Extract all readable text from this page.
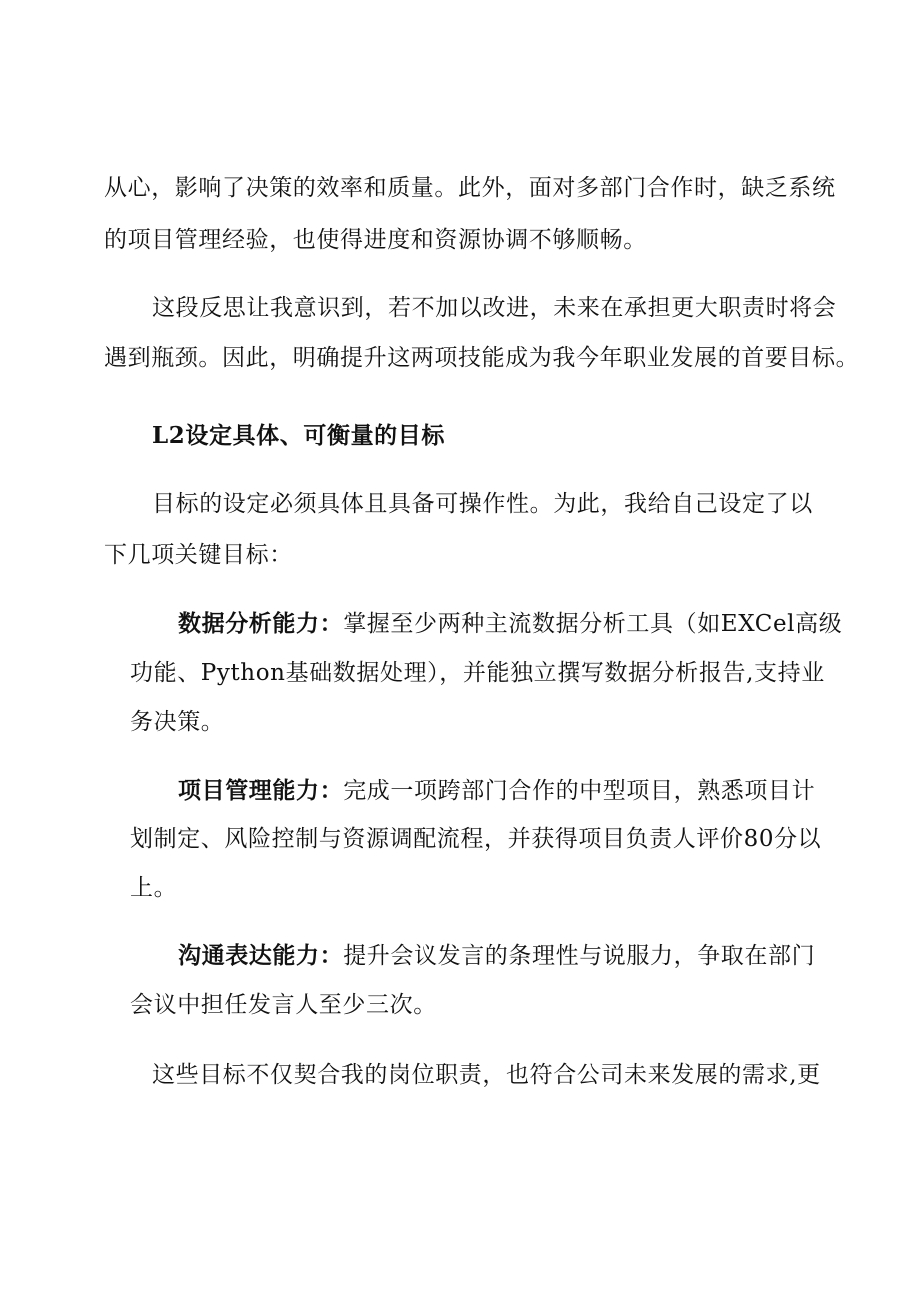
从心，影响了决策的效率和质量。此外，面对多部门合作时，缺乏系统
的项目管理经验，也使得进度和资源协调不够顺畅。
这段反思让我意识到，若不加以改进，未来在承担更大职责时将会
遇到瓶颈。因此，明确提升这两项技能成为我今年职业发展的首要目标。
L2设定具体、可衡量的目标
目标的设定必须具体且具备可操作性。为此，我给自己设定了以
下几项关键目标：
数据分析能力：掌握至少两种主流数据分析工具（如EXCel高级
功能、Python基础数据处理），并能独立撰写数据分析报告,支持业
务决策。
项目管理能力：完成一项跨部门合作的中型项目，熟悉项目计
划制定、风险控制与资源调配流程，并获得项目负责人评价80分以
上。
沟通表达能力：提升会议发言的条理性与说服力，争取在部门
会议中担任发言人至少三次。
这些目标不仅契合我的岗位职责，也符合公司未来发展的需求,更
